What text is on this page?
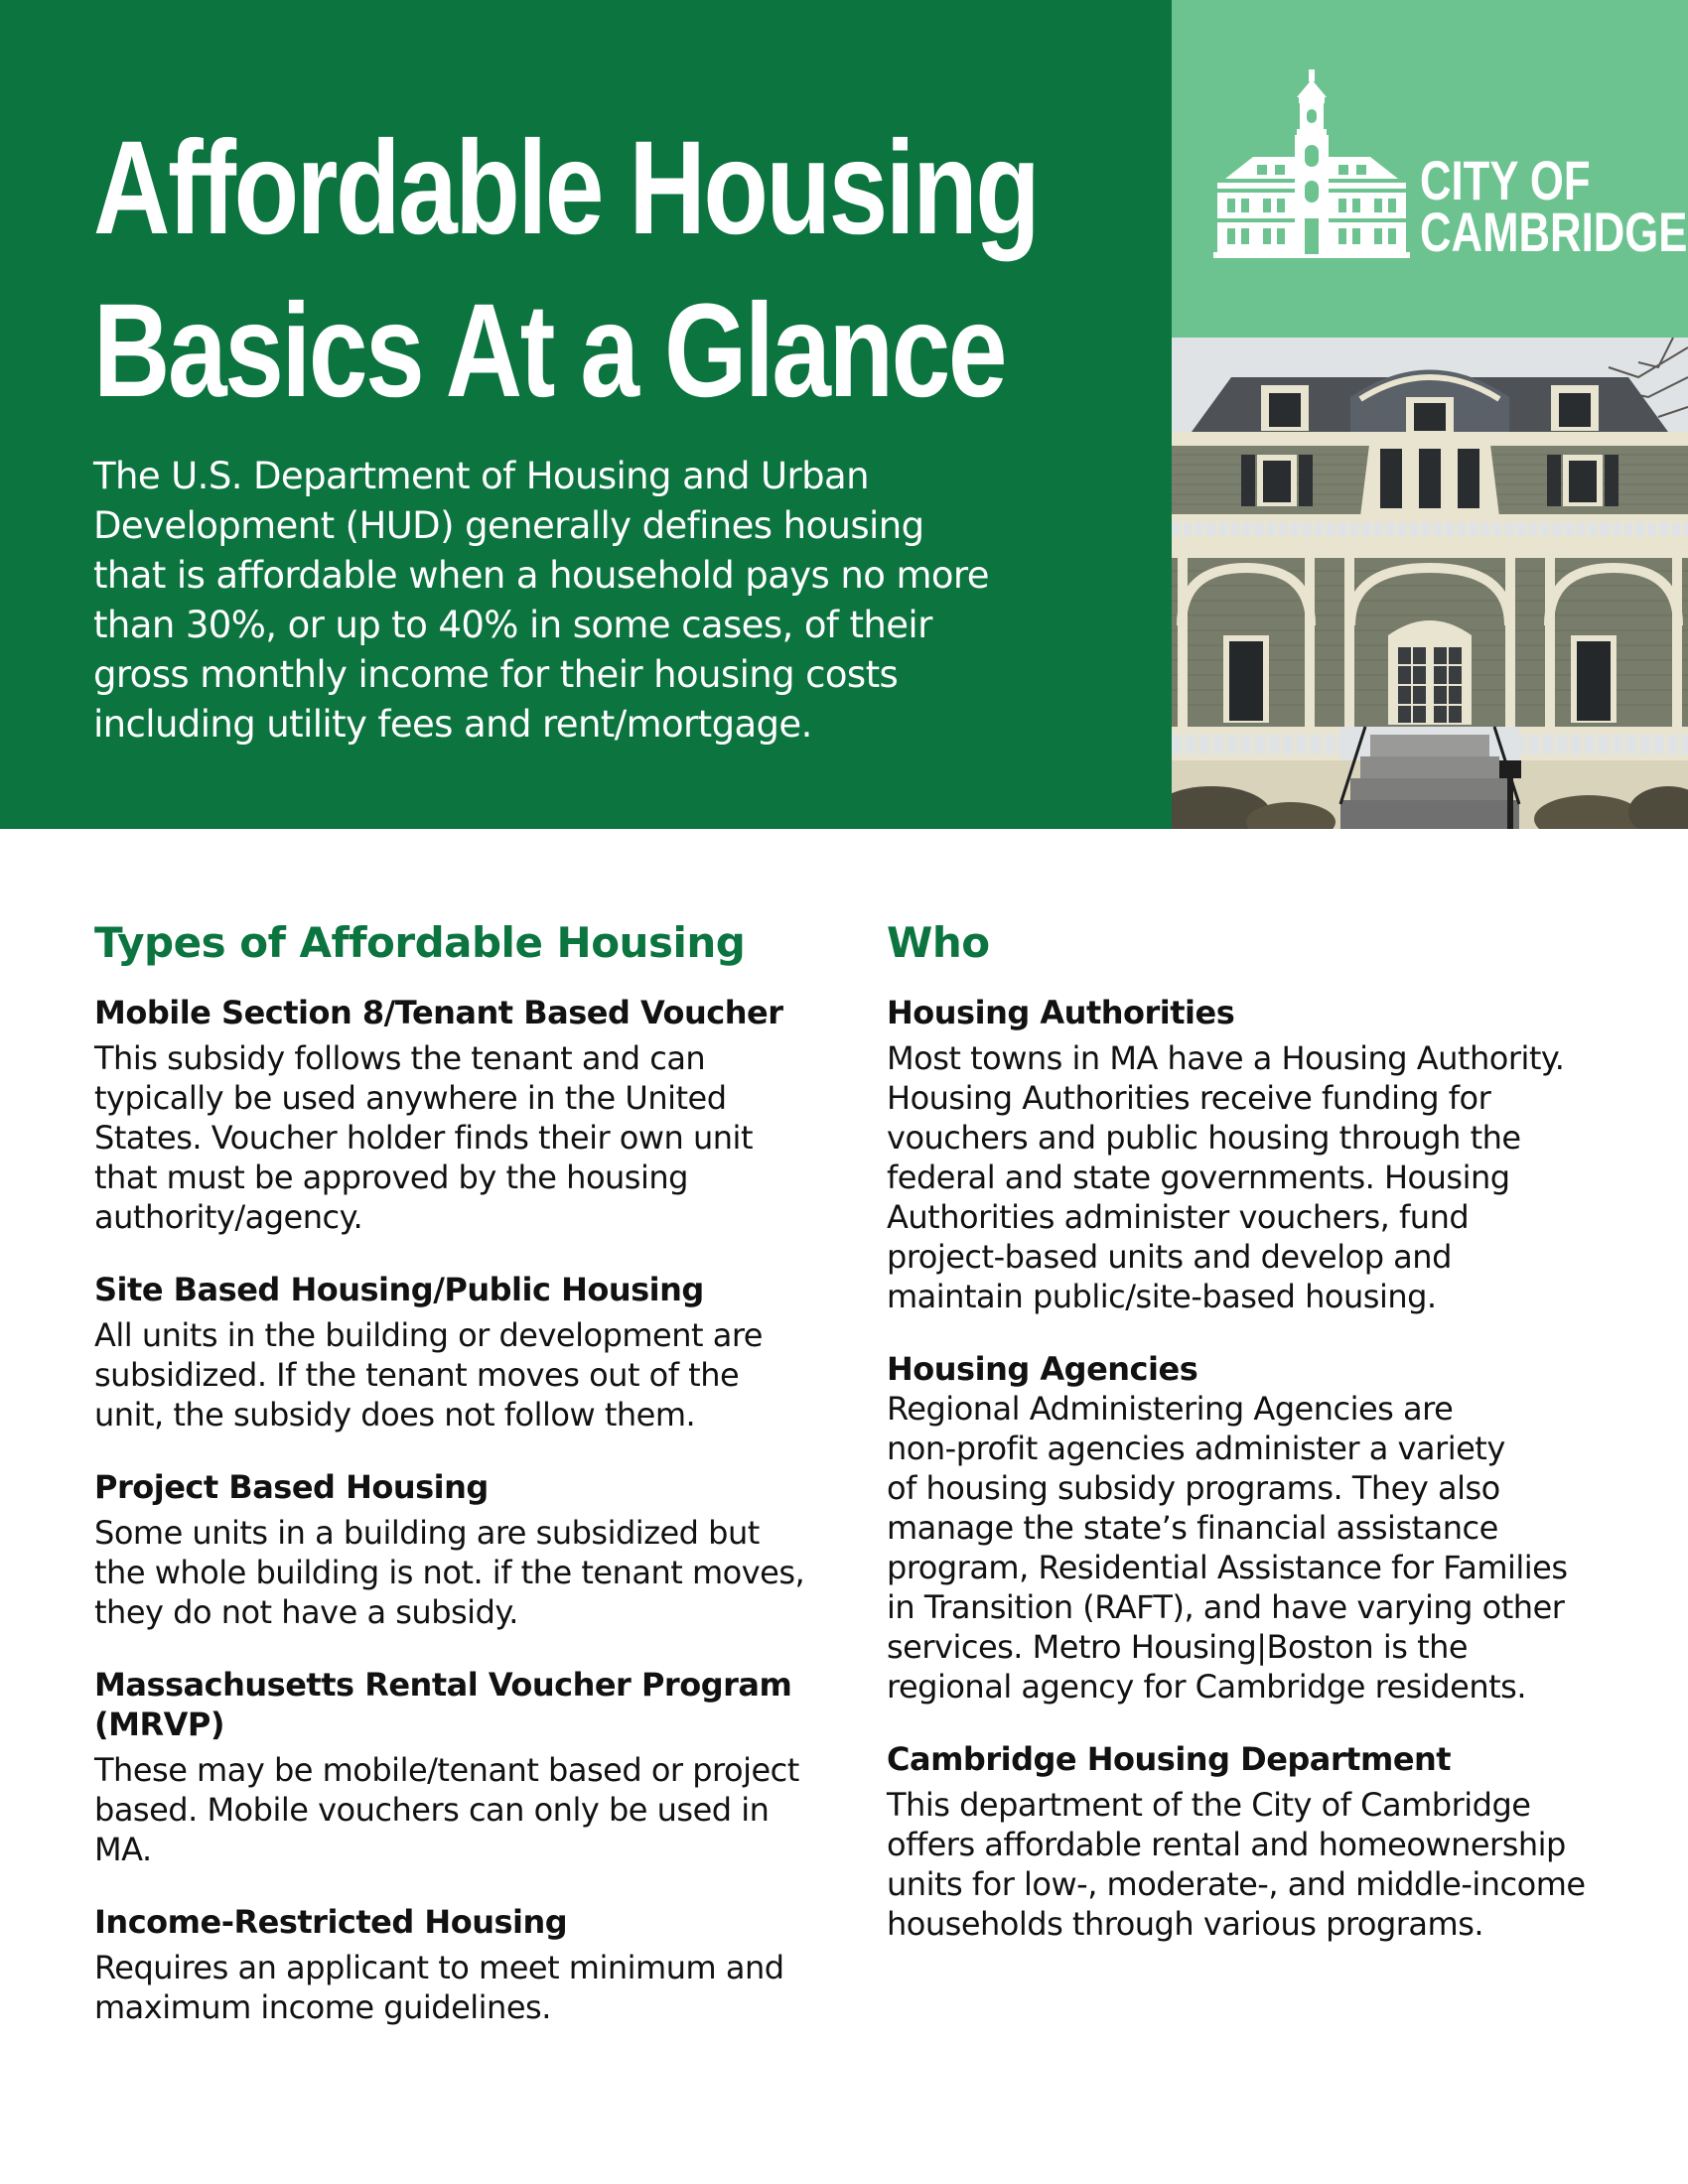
Affordable Housing
Basics At a Glance

The U.S. Department of Housing and Urban
Development (HUD) generally defines housing
that is affordable when a household pays no more
than 30%, or up to 40% in some cases, of their
gross monthly income for their housing costs
including utility fees and rent/mortgage.

CITY OF
CAMBRIDGE
Types of Affordable Housing
Mobile Section 8/Tenant Based Voucher

This subsidy follows the tenant and can
typically be used anywhere in the United
States. Voucher holder finds their own unit
that must be approved by the housing
authority/agency.

Site Based Housing/Public Housing

All units in the building or development are
subsidized. If the tenant moves out of the
unit, the subsidy does not follow them.

Project Based Housing

Some units in a building are subsidized but
the whole building is not. if the tenant moves,
they do not have a subsidy.

Massachusetts Rental Voucher Program
(MRVP)

These may be mobile/tenant based or project
based. Mobile vouchers can only be used in
MA.

Income-Restricted Housing

Requires an applicant to meet minimum and
maximum income guidelines.

Who
Housing Authorities

Most towns in MA have a Housing Authority.
Housing Authorities receive funding for
vouchers and public housing through the
federal and state governments. Housing
Authorities administer vouchers, fund
project-based units and develop and
maintain public/site-based housing.

Housing Agencies

Regional Administering Agencies are
non-profit agencies administer a variety
of housing subsidy programs. They also
manage the state’s financial assistance
program, Residential Assistance for Families
in Transition (RAFT), and have varying other
services. Metro Housing|Boston is the
regional agency for Cambridge residents.

Cambridge Housing Department

This department of the City of Cambridge
offers affordable rental and homeownership
units for low-, moderate-, and middle-income
households through various programs.
